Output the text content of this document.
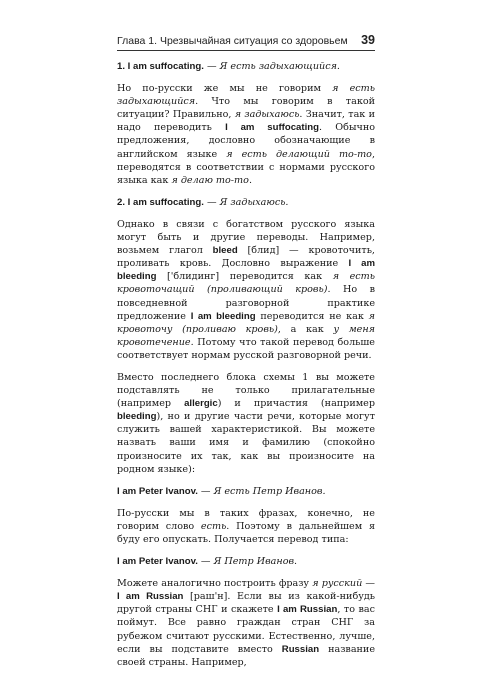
Глава 1. Чрезвычайная ситуация со здоровьем 39

1. I am suffocating. — Я есть задыхающийся.

Но по-русски же мы не говорим я есть задыхающийся. Что мы говорим в такой ситуации? Правильно, я задыхаюсь. Значит, так и надо переводить I am suffocating. Обычно предложения, дословно обозначающие в английском языке я есть делающий то-то, переводятся в соответствии с нормами русского языка как я делаю то-то.

2. I am suffocating. — Я задыхаюсь.

Однако в связи с богатством русского языка могут быть и другие переводы. Например, возьмем глагол bleed [блид] — кровоточить, проливать кровь. Дословно выражение I am bleeding ['блидинг] переводится как я есть кровоточащий (проливающий кровь). Но в повседневной разговорной практике предложение I am bleeding переводится не как я кровоточу (проливаю кровь), а как у меня кровотечение. Потому что такой перевод больше соответствует нормам русской разговорной речи.

Вместо последнего блока схемы 1 вы можете подставлять не только прилагательные (например allergic) и причастия (например bleeding), но и другие части речи, которые могут служить вашей характеристикой. Вы можете назвать ваши имя и фамилию (спокойно произносите их так, как вы произносите на родном языке):

I am Peter Ivanov. — Я есть Петр Иванов.

По-русски мы в таких фразах, конечно, не говорим слово есть. Поэтому в дальнейшем я буду его опускать. Получается перевод типа:

I am Peter Ivanov. — Я Петр Иванов.

Можете аналогично построить фразу я русский — I am Russian [раш'н]. Если вы из какой-нибудь другой страны СНГ и скажете I am Russian, то вас поймут. Все равно граждан стран СНГ за рубежом считают русскими. Естественно, лучше, если вы подставите вместо Russian название своей страны. Например,
